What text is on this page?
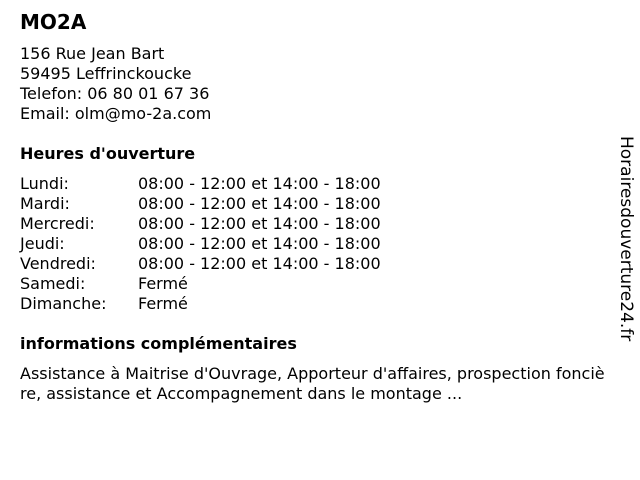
MO2A
156 Rue Jean Bart
59495 Leffrinckoucke
Telefon: 06 80 01 67 36
Email: olm@mo-2a.com
Heures d'ouverture
Lundi:	08:00 - 12:00 et 14:00 - 18:00
Mardi:	08:00 - 12:00 et 14:00 - 18:00
Mercredi:	08:00 - 12:00 et 14:00 - 18:00
Jeudi:	08:00 - 12:00 et 14:00 - 18:00
Vendredi:	08:00 - 12:00 et 14:00 - 18:00
Samedi:	Fermé
Dimanche:	Fermé
informations complémentaires
Assistance à Maitrise d'Ouvrage, Apporteur d'affaires, prospection foncière, assistance et Accompagnement dans le montage ...
Horairesdouverture24.fr
